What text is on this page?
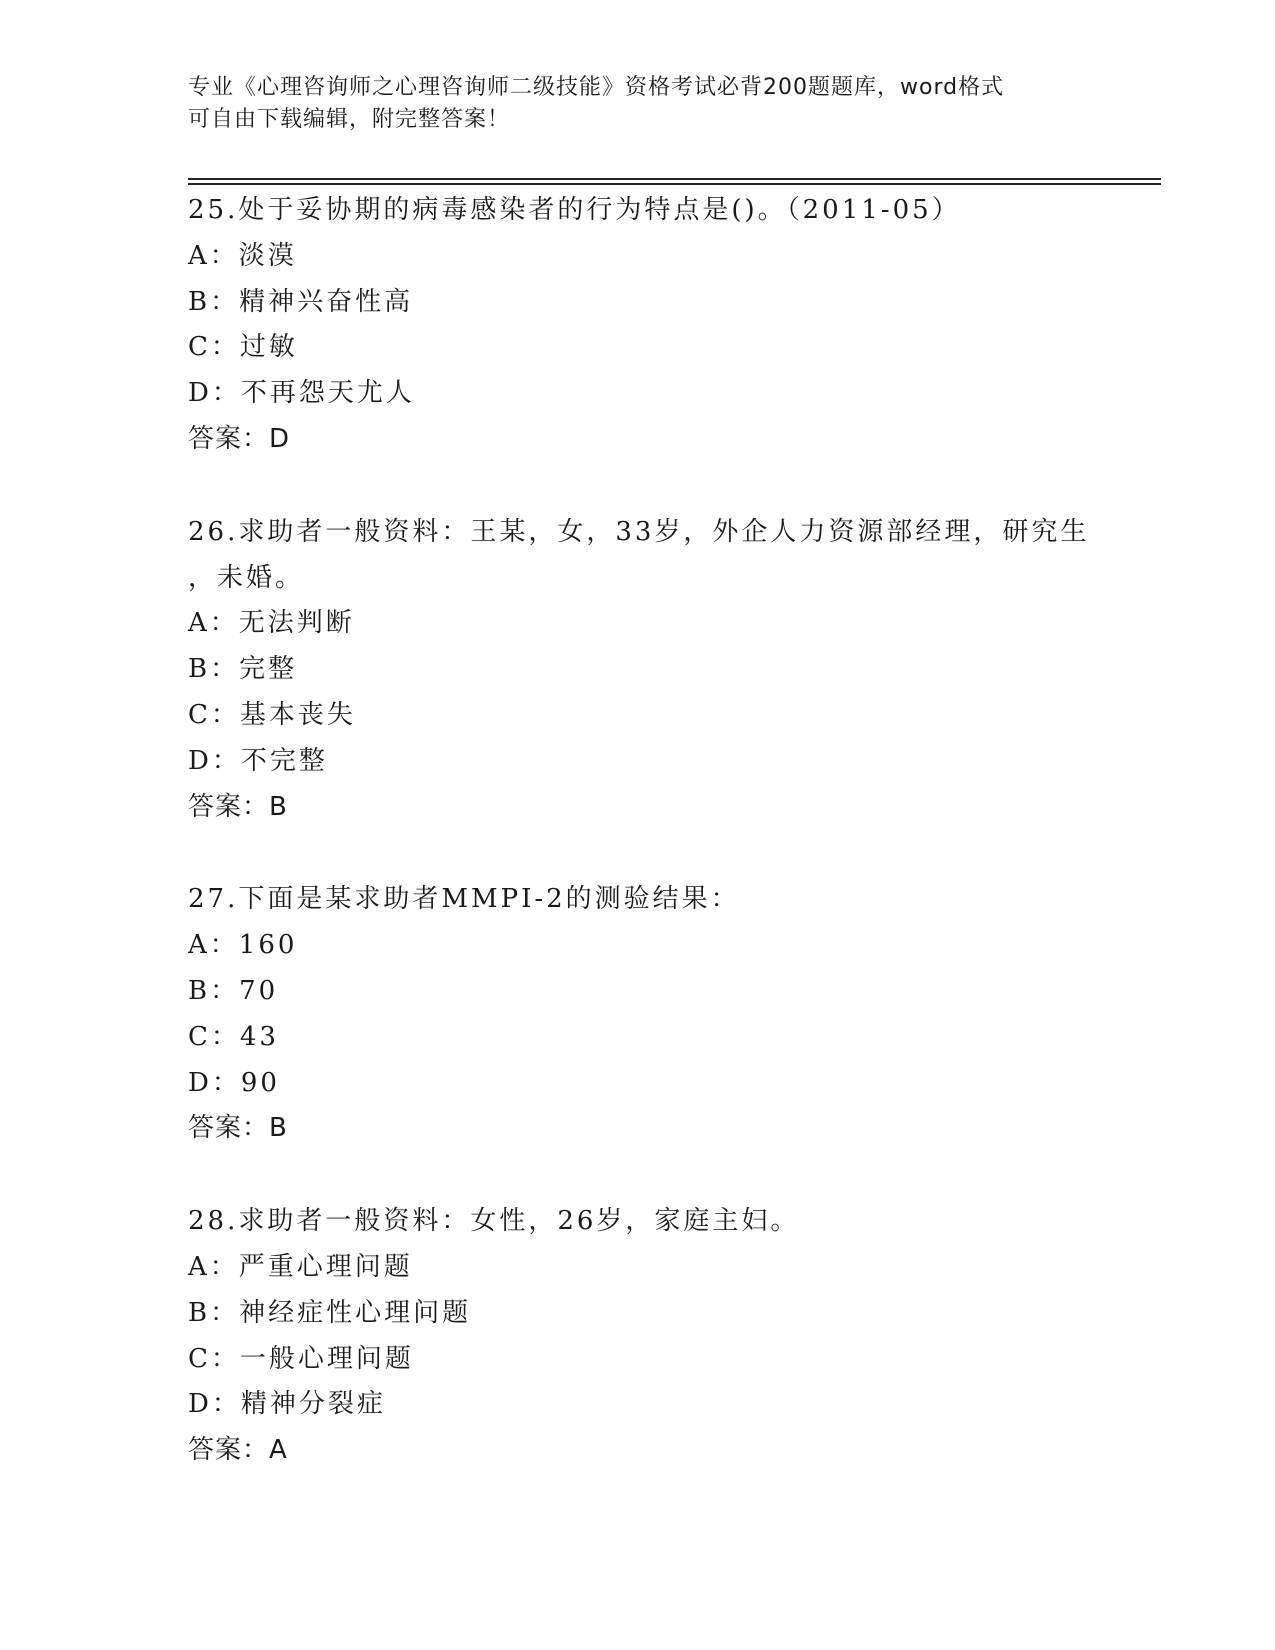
专业《心理咨询师之心理咨询师二级技能》资格考试必背200题题库，word格式
可自由下载编辑，附完整答案！
25.处于妥协期的病毒感染者的行为特点是()。（2011-05）
A：淡漠
B：精神兴奋性高
C：过敏
D：不再怨天尤人
答案：D
26.求助者一般资料：王某，女，33岁，外企人力资源部经理，研究生
，未婚。
A：无法判断
B：完整
C：基本丧失
D：不完整
答案：B
27.下面是某求助者MMPI-2的测验结果：
A：160
B：70
C：43
D：90
答案：B
28.求助者一般资料：女性，26岁，家庭主妇。
A：严重心理问题
B：神经症性心理问题
C：一般心理问题
D：精神分裂症
答案：A
